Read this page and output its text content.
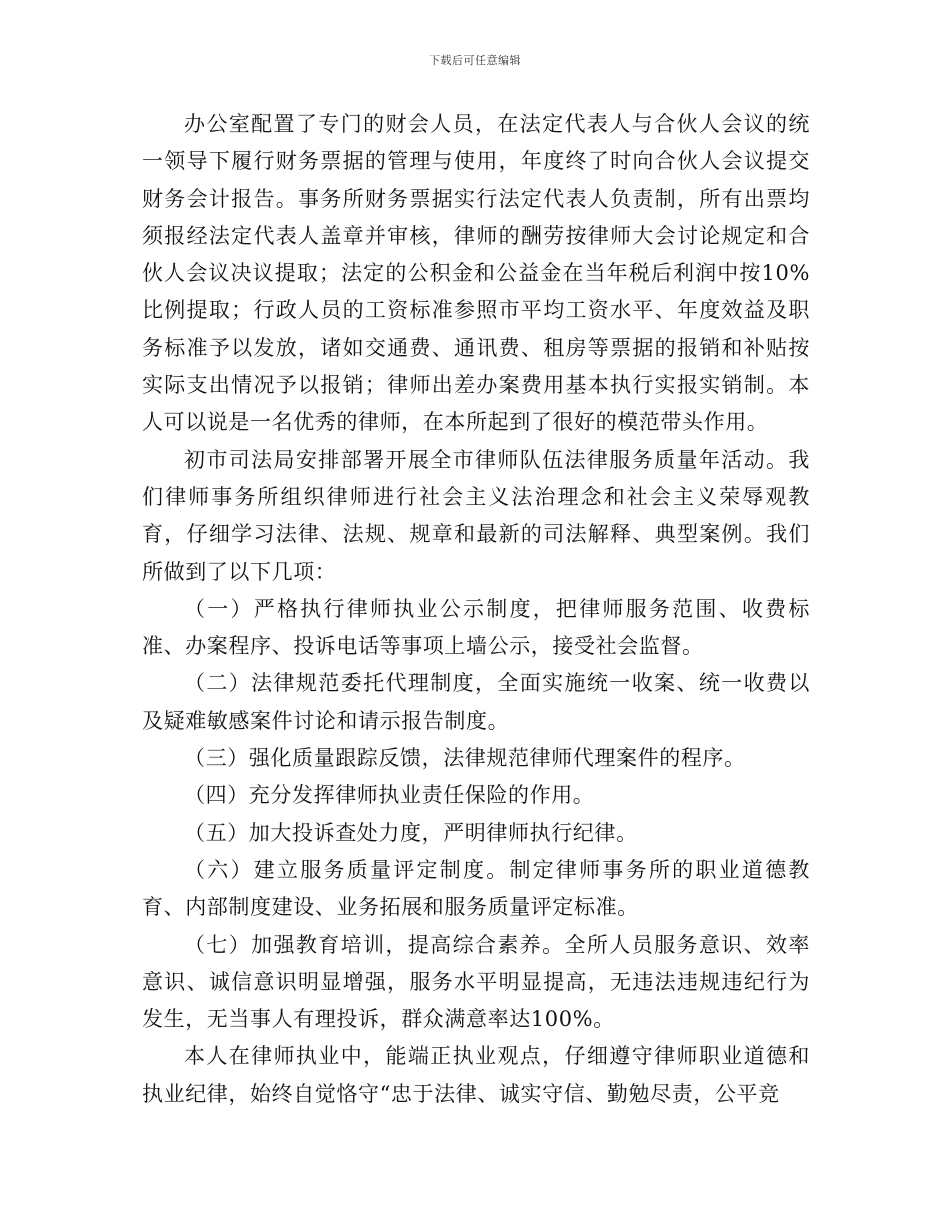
下载后可任意编辑

办公室配置了专门的财会人员，在法定代表人与合伙人会议的统一领导下履行财务票据的管理与使用，年度终了时向合伙人会议提交财务会计报告。事务所财务票据实行法定代表人负责制，所有出票均须报经法定代表人盖章并审核，律师的酬劳按律师大会讨论规定和合伙人会议决议提取；法定的公积金和公益金在当年税后利润中按10%比例提取；行政人员的工资标准参照市平均工资水平、年度效益及职务标准予以发放，诸如交通费、通讯费、租房等票据的报销和补贴按实际支出情况予以报销；律师出差办案费用基本执行实报实销制。本人可以说是一名优秀的律师，在本所起到了很好的模范带头作用。

初市司法局安排部署开展全市律师队伍法律服务质量年活动。我们律师事务所组织律师进行社会主义法治理念和社会主义荣辱观教育，仔细学习法律、法规、规章和最新的司法解释、典型案例。我们所做到了以下几项：

（一）严格执行律师执业公示制度，把律师服务范围、收费标准、办案程序、投诉电话等事项上墙公示，接受社会监督。

（二）法律规范委托代理制度，全面实施统一收案、统一收费以及疑难敏感案件讨论和请示报告制度。

（三）强化质量跟踪反馈，法律规范律师代理案件的程序。

（四）充分发挥律师执业责任保险的作用。

（五）加大投诉查处力度，严明律师执行纪律。

（六）建立服务质量评定制度。制定律师事务所的职业道德教育、内部制度建设、业务拓展和服务质量评定标准。

（七）加强教育培训，提高综合素养。全所人员服务意识、效率意识、诚信意识明显增强，服务水平明显提高，无违法违规违纪行为发生，无当事人有理投诉，群众满意率达100%。

本人在律师执业中，能端正执业观点，仔细遵守律师职业道德和执业纪律，始终自觉恪守“忠于法律、诚实守信、勤勉尽责，公平竞
